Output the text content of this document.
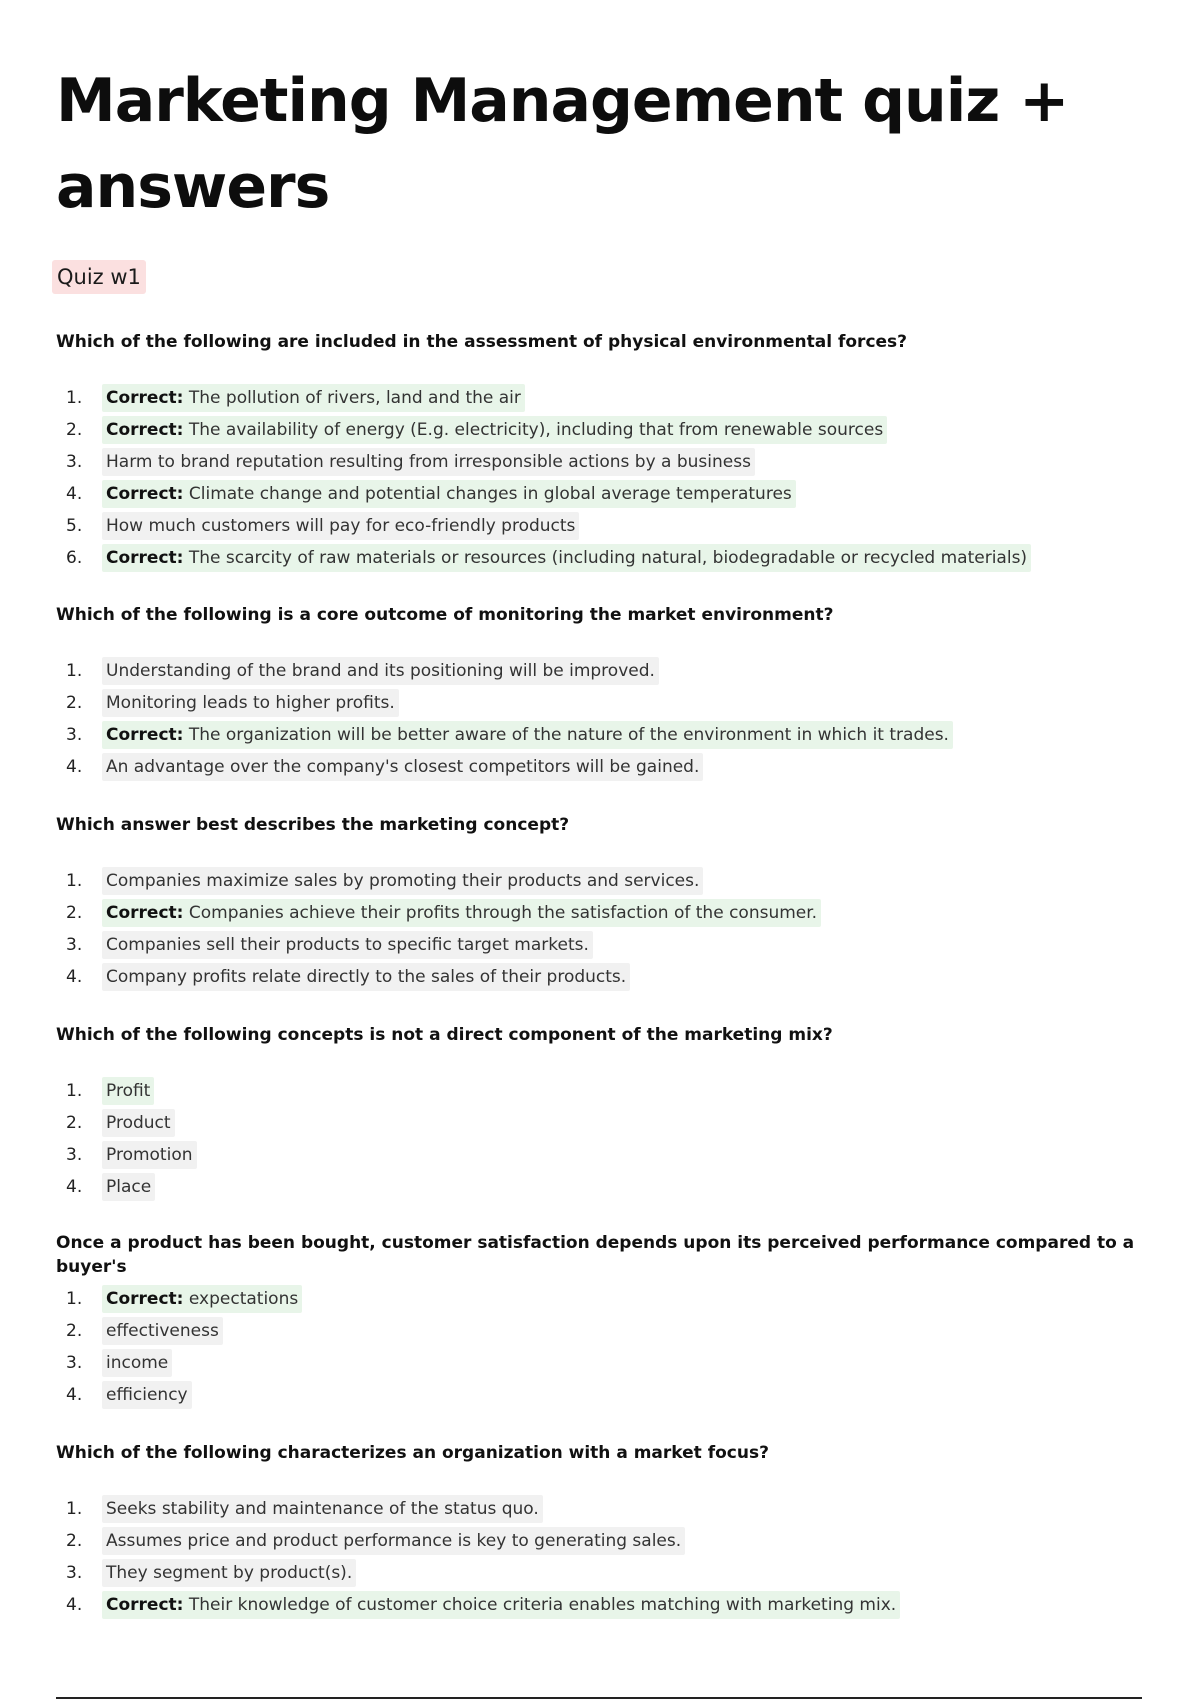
Marketing Management quiz + answers
Quiz w1

Which of the following are included in the assessment of physical environmental forces?

1.	Correct: The pollution of rivers, land and the air
2.	Correct: The availability of energy (E.g. electricity), including that from renewable sources
3.	Harm to brand reputation resulting from irresponsible actions by a business
4.	Correct: Climate change and potential changes in global average temperatures
5.	How much customers will pay for eco-friendly products
6.	Correct: The scarcity of raw materials or resources (including natural, biodegradable or recycled materials)

Which of the following is a core outcome of monitoring the market environment?

1.	Understanding of the brand and its positioning will be improved.
2.	Monitoring leads to higher profits.
3.	Correct: The organization will be better aware of the nature of the environment in which it trades.
4.	An advantage over the company's closest competitors will be gained.

Which answer best describes the marketing concept?

1.	Companies maximize sales by promoting their products and services.
2.	Correct: Companies achieve their profits through the satisfaction of the consumer.
3.	Companies sell their products to specific target markets.
4.	Company profits relate directly to the sales of their products.

Which of the following concepts is not a direct component of the marketing mix?

1.	Profit
2.	Product
3.	Promotion
4.	Place

Once a product has been bought, customer satisfaction depends upon its perceived performance compared to a buyer's

1.	Correct: expectations
2.	effectiveness
3.	income
4.	efficiency

Which of the following characterizes an organization with a market focus?

1.	Seeks stability and maintenance of the status quo.
2.	Assumes price and product performance is key to generating sales.
3.	They segment by product(s).
4.	Correct: Their knowledge of customer choice criteria enables matching with marketing mix.
